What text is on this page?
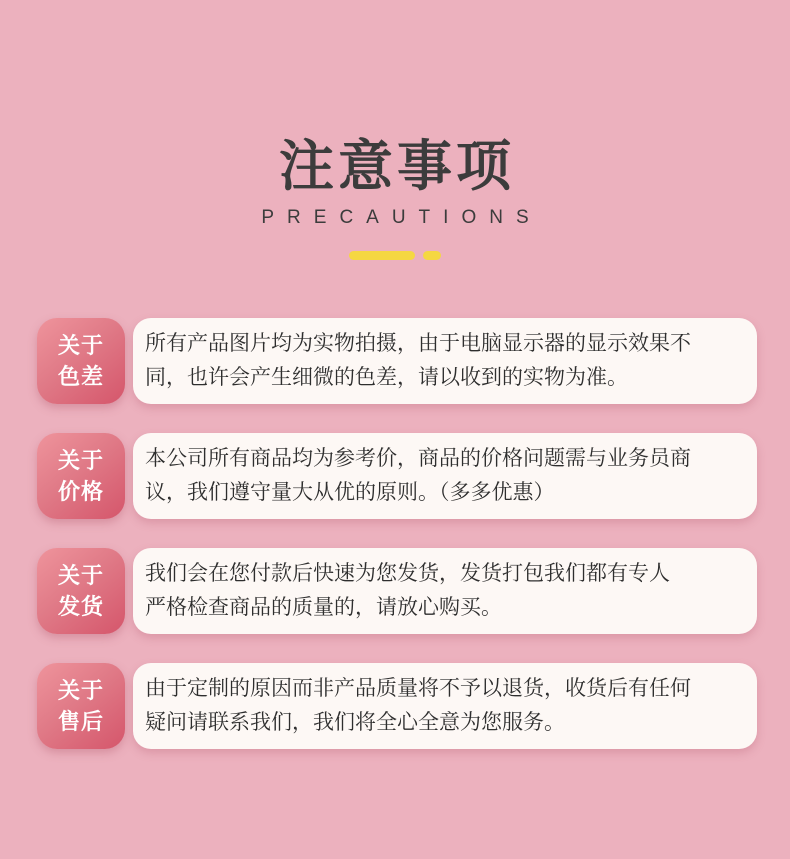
注意事项
PRECAUTIONS
关于
色差
所有产品图片均为实物拍摄，由于电脑显示器的显示效果不
同，也许会产生细微的色差，请以收到的实物为准。
关于
价格
本公司所有商品均为参考价，商品的价格问题需与业务员商
议，我们遵守量大从优的原则。（多多优惠）
关于
发货
我们会在您付款后快速为您发货，发货打包我们都有专人
严格检查商品的质量的，请放心购买。
关于
售后
由于定制的原因而非产品质量将不予以退货，收货后有任何
疑问请联系我们，我们将全心全意为您服务。
